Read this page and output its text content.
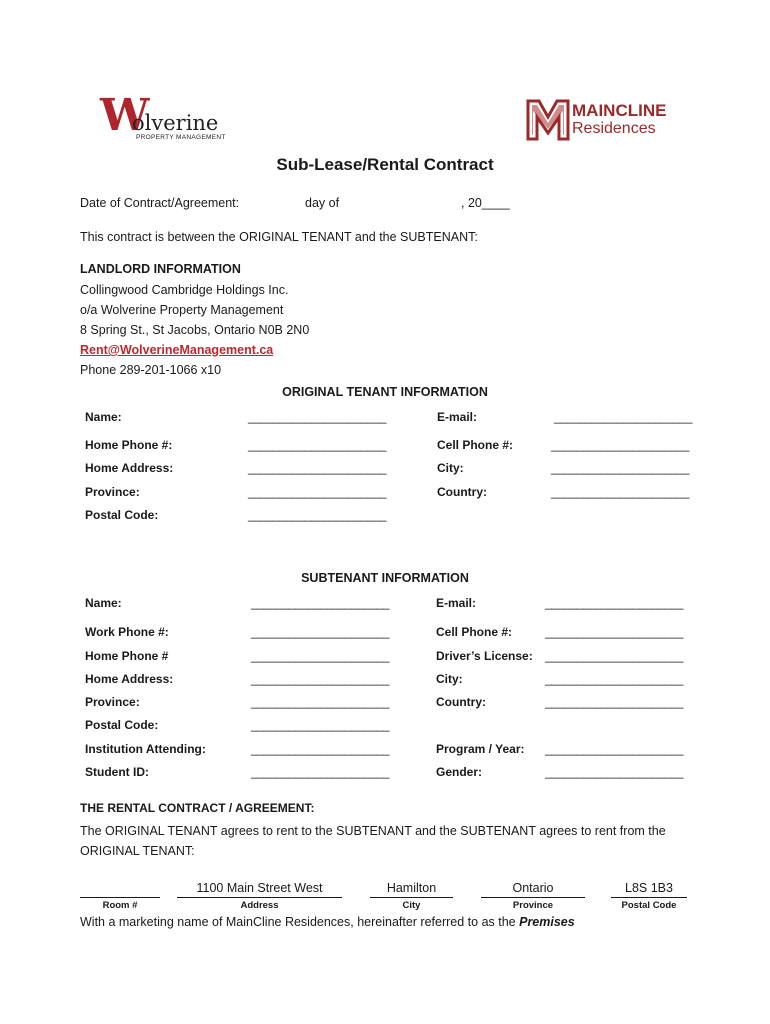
W
olverine
PROPERTY MANAGEMENT
MAINCLINE
Residences
Sub-Lease/Rental Contract
Date of Contract/Agreement:	day of	, 20____
This contract is between the ORIGINAL TENANT and the SUBTENANT:
LANDLORD INFORMATION
Collingwood Cambridge Holdings Inc.
o/a Wolverine Property Management
8 Spring St., St Jacobs, Ontario N0B 2N0
Rent@WolverineManagement.ca
Phone 289-201-1066 x10
ORIGINAL TENANT INFORMATION
Name:	______________________	E-mail:	______________________
Home Phone #:	______________________	Cell Phone #:	______________________
Home Address:	______________________	City:	______________________
Province:	______________________	Country:	______________________
Postal Code:	______________________
SUBTENANT INFORMATION
Name:	______________________	E-mail:	______________________
Work Phone #:	______________________	Cell Phone #:	______________________
Home Phone #	______________________	Driver’s License: ______________________
Home Address:	______________________	City:	______________________
Province:	______________________	Country:	______________________
Postal Code:	______________________
Institution Attending:	______________________	Program / Year: ______________________
Student ID:	______________________	Gender:	______________________
THE RENTAL CONTRACT / AGREEMENT:
The ORIGINAL TENANT agrees to rent to the SUBTENANT and the SUBTENANT agrees to rent from the ORIGINAL TENANT:
Room #
1100 Main Street West
Address
Hamilton
City
Ontario
Province
L8S 1B3
Postal Code
With a marketing name of MainCline Residences, hereinafter referred to as the Premises
